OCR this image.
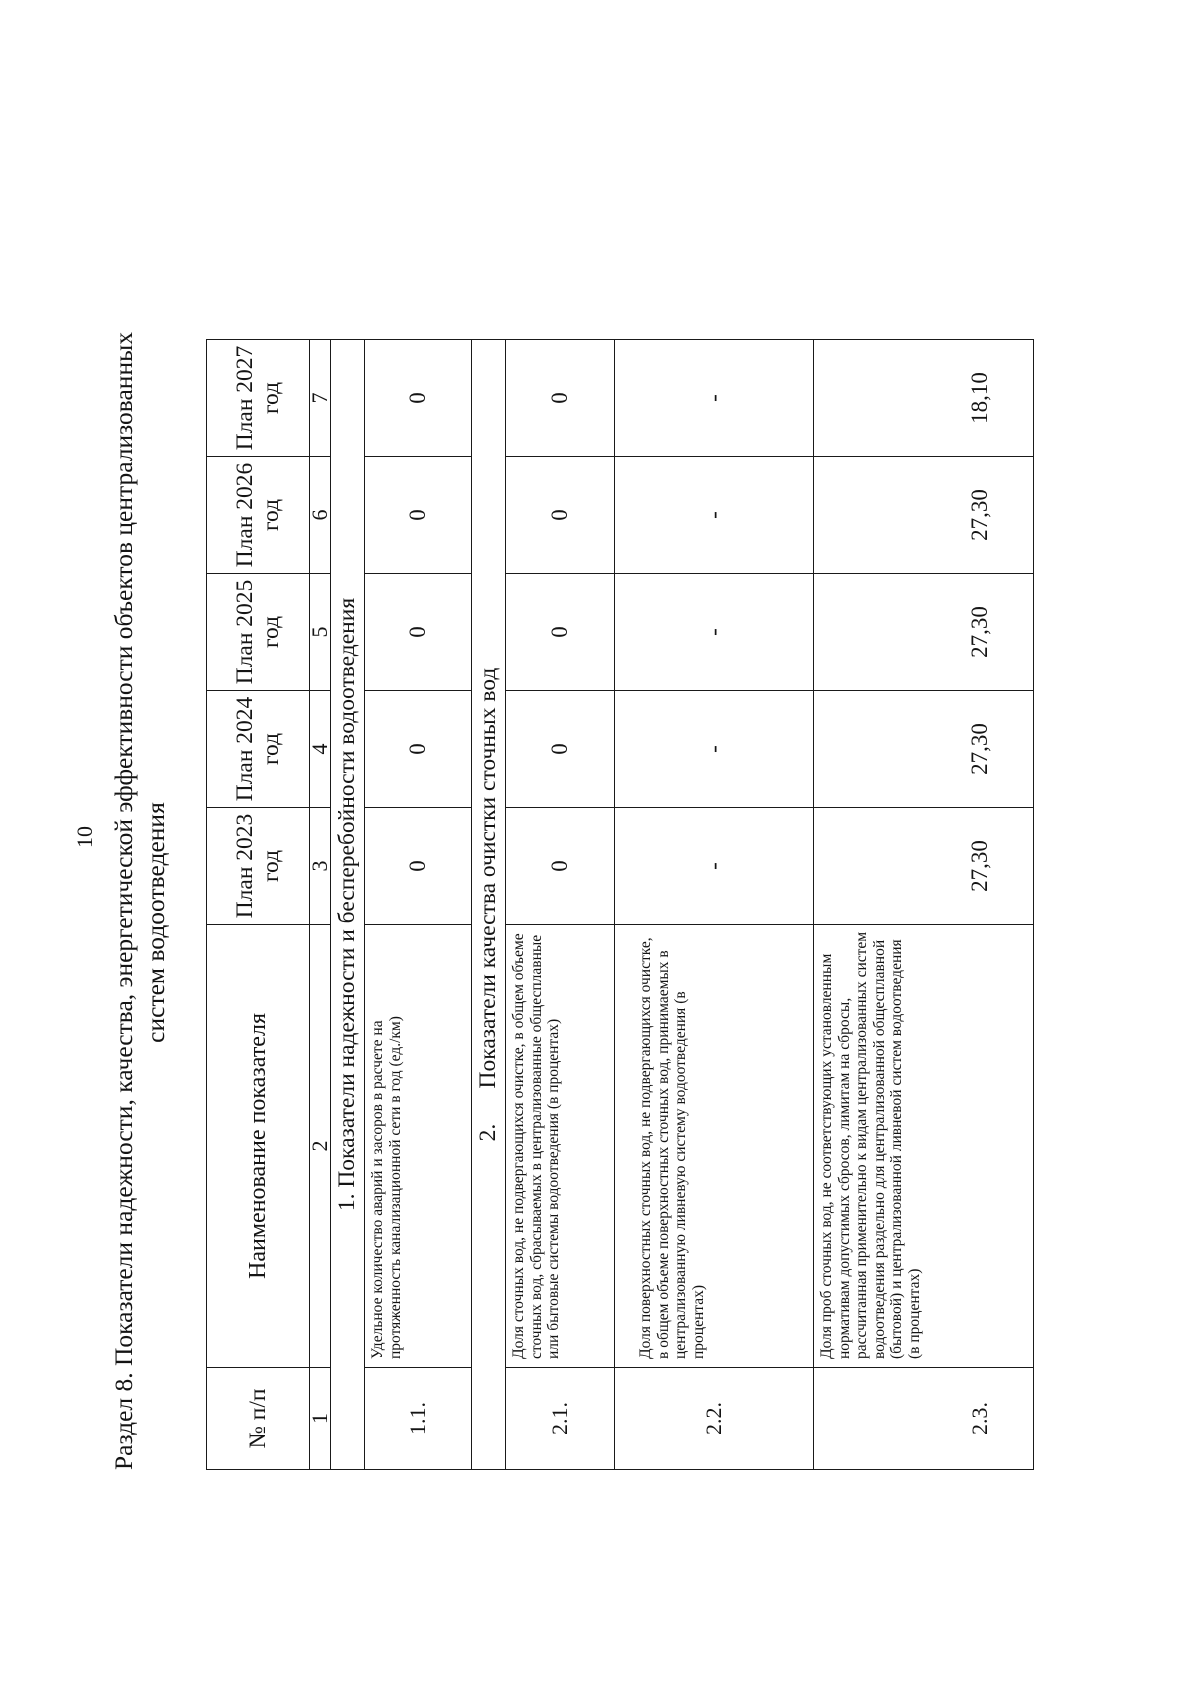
10 Раздел 8. Показатели надежности, качества, энергетической эффективности объектов централизованных систем водоотведения
№ п/п	Наименование показателя	План 2023 год	План 2024 год	План 2025 год	План 2026 год	План 2027 год
1	2	3	4	5	6	7
1. Показатели надежности и бесперебойности водоотведения						
1.1.	Удельное количество аварий и засоров в расчете на протяженность канализационной сети в год (ед./км)	0	0	0	0	0
2.      Показатели качества очистки сточных вод						
2.1.	Доля сточных вод, не подвергающихся очистке, в общем объеме сточных вод, сбрасываемых в централизованные общесплавные или бытовые системы водоотведения (в процентах)	0	0	0	0	0
2.2.	Доля поверхностных сточных вод, не подвергающихся очистке, в общем объеме поверхностных сточных вод, принимаемых в централизованную ливневую систему водоотведения (в процентах)	-	-	-	-	-
2.3.	Доля проб сточных вод, не соответствующих установленным нормативам допустимых сбросов, лимитам на сбросы, рассчитанная применительно к видам централизованных систем водоотведения раздельно для централизованной общесплавной (бытовой) и централизованной ливневой систем водоотведения (в процентах)	27,30	27,30	27,30	27,30	18,10
